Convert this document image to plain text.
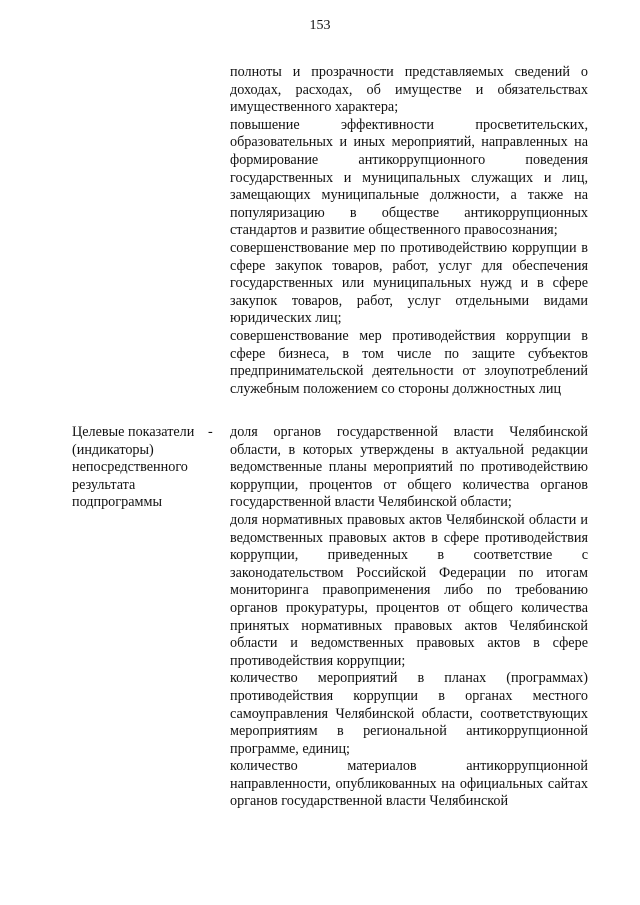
153

полноты и прозрачности представляемых сведений о доходах, расходах, об имуществе и обязательствах имущественного характера;

повышение эффективности просветительских, образовательных и иных мероприятий, направленных на формирование антикоррупционного поведения государственных и муниципальных служащих и лиц, замещающих муниципальные должности, а также на популяризацию в обществе антикоррупционных стандартов и развитие общественного правосознания;

совершенствование мер по противодействию коррупции в сфере закупок товаров, работ, услуг для обеспечения государственных или муниципальных нужд и в сфере закупок товаров, работ, услуг отдельными видами юридических лиц;

совершенствование мер противодействия коррупции в сфере бизнеса, в том числе по защите субъектов предпринимательской деятельности от злоупотреблений служебным положением со стороны должностных лиц

Целевые показатели (индикаторы) непосредственного результата подпрограммы
- доля органов государственной власти Челябинской области, в которых утверждены в актуальной редакции ведомственные планы мероприятий по противодействию коррупции, процентов от общего количества органов государственной власти Челябинской области;

доля нормативных правовых актов Челябинской области и ведомственных правовых актов в сфере противодействия коррупции, приведенных в соответствие с законодательством Российской Федерации по итогам мониторинга правоприменения либо по требованию органов прокуратуры, процентов от общего количества принятых нормативных правовых актов Челябинской области и ведомственных правовых актов в сфере противодействия коррупции;

количество мероприятий в планах (программах) противодействия коррупции в органах местного самоуправления Челябинской области, соответствующих мероприятиям в региональной антикоррупционной программе, единиц;

количество материалов антикоррупционной направленности, опубликованных на официальных сайтах органов государственной власти Челябинской
